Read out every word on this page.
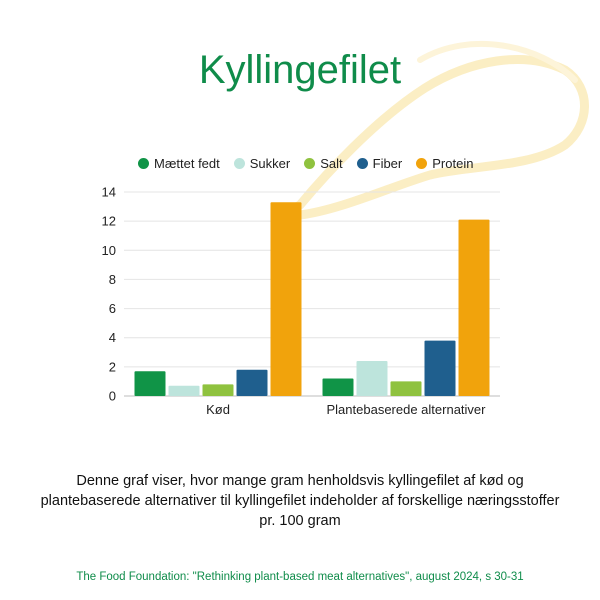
Kyllingefilet
Mættet fedt Sukker Salt Fiber Protein
0
2
4
6
8
10
12
14
Kød	Plantebaserede alternativer
Denne graf viser, hvor mange gram henholdsvis kyllingefilet af kød og plantebaserede alternativer til kyllingefilet indeholder af forskellige næringsstoffer pr. 100 gram
The Food Foundation: "Rethinking plant-based meat alternatives", august 2024, s 30-31
